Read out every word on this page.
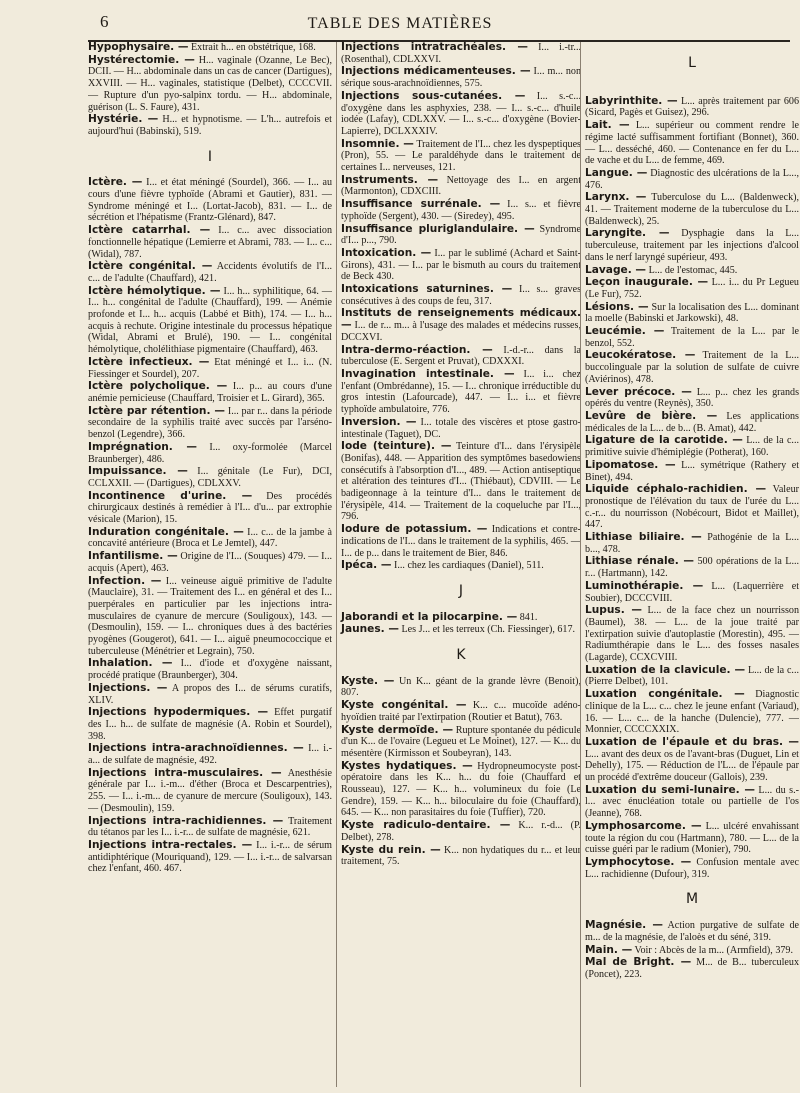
6	TABLE DES MATIÈRES
Hypophysaire. — Extrait h... en obstétrique, 168.
Hystérectomie. — H... vaginale (Ozanne, Le Bec), DCII. — H... abdominale dans un cas de cancer (Dartigues), XXVIII. — H... vaginales, statistique (Delbet), CCCCVII. — Rupture d'un pyo-salpinx tordu. — H... abdominale, guérison (L. S. Faure), 431.
Hystérie. — H... et hypnotisme. — L'h... autrefois et aujourd'hui (Babinski), 519.
I
Ictère. — I... et état méningé (Sourdel), 366. — I... au cours d'une fièvre typhoïde (Abrami et Gautier), 831. — Syndrome méningé et I... (Lortat-Jacob), 831. — I... de sécrétion et l'hépatisme (Frantz-Glénard), 847.
Ictère catarrhal. — I... c... avec dissociation fonctionnelle hépatique (Lemierre et Abrami, 783. — I... c... (Widal), 787.
Ictère congénital. — Accidents évolutifs de l'I... c... de l'adulte (Chauffard), 421.
Ictère hémolytique. — I... h... syphilitique, 64. — I... h... congénital de l'adulte (Chauffard), 199. — Anémie profonde et I... h... acquis (Labbé et Bith), 174. — I... h... acquis à rechute. Origine intestinale du processus hépatique (Widal, Abrami et Brulé), 190. — I... congénital hémolytique, cholélithiase pigmentaire (Chauffard), 463.
Ictère infectieux. — Etat méningé et I... i... (N. Fiessinger et Sourdel), 207.
Ictère polycholique. — I... p... au cours d'une anémie pernicieuse (Chauffard, Troisier et L. Girard), 365.
Ictère par rétention. — I... par r... dans la période secondaire de la syphilis traité avec succès par l'arséno-benzol (Legendre), 366.
Imprégnation. — I... oxy-formolée (Marcel Braunberger), 486.
Impuissance. — I... génitale (Le Fur), DCI, CCLXXII. — (Dartigues), CDLXXV.
Incontinence d'urine. — Des procédés chirurgicaux destinés à remédier à l'I... d'u... par extrophie vésicale (Marion), 15.
Induration congénitale. — I... c... de la jambe à concavité antérieure (Broca et Le Jemtel), 447.
Infantilisme. — Origine de l'I... (Souques) 479. — I... acquis (Apert), 463.
Infection. — I... veineuse aiguë primitive de l'adulte (Mauclaire), 31. — Traitement des I... en général et des I... puerpérales en particulier par les injections intra-musculaires de cyanure de mercure (Souligoux), 143. — (Desmoulin), 159. — I... chroniques dues à des bactéries pyogènes (Gougerot), 641. — I... aiguë pneumococcique et tuberculeuse (Ménétrier et Legrain), 750.
Inhalation. — I... d'iode et d'oxygène naissant, procédé pratique (Braunberger), 304.
Injections. — A propos des I... de sérums curatifs, XLIV.
Injections hypodermiques. — Effet purgatif des I... h... de sulfate de magnésie (A. Robin et Sourdel), 398.
Injections intra-arachnoïdiennes. — I... i.-a... de sulfate de magnésie, 492.
Injections intra-musculaires. — Anesthésie générale par I... i.-m... d'éther (Broca et Descarpentries), 255. — I... i.-m... de cyanure de mercure (Souligoux), 143. — (Desmoulin), 159.
Injections intra-rachidiennes. — Traitement du tétanos par les I... i.-r... de sulfate de magnésie, 621.
Injections intra-rectales. — I... i.-r... de sérum antidiphtérique (Mouriquand), 129. — I... i.-r... de salvarsan chez l'enfant, 460. 467.
Injections intratrachéales. — I... i.-tr... (Rosenthal), CDLXXVI.
Injections médicamenteuses. — I... m... non sérique sous-arachnoïdiennes, 575.
Injections sous-cutanées. — I... s.-c... d'oxygène dans les asphyxies, 238. — I... s.-c... d'huile iodée (Lafay), CDLXXV. — I... s.-c... d'oxygène (Bovier-Lapierre), DCLXXXIV.
Insomnie. — Traitement de l'I... chez les dyspeptiques (Pron), 55. — Le paraldéhyde dans le traitement de certaines I... nerveuses, 121.
Instruments. — Nettoyage des I... en argent (Marmonton), CDXCIII.
Insuffisance surrénale. — I... s... et fièvre typhoïde (Sergent), 430. — (Siredey), 495.
Insuffisance pluriglandulaire. — Syndrome d'I... p..., 790.
Intoxication. — I... par le sublimé (Achard et Saint-Girons), 431. — I... par le bismuth au cours du traitement de Beck 430.
Intoxications saturnines. — I... s... graves consécutives à des coups de feu, 317.
Instituts de renseignements médicaux. — I... de r... m... à l'usage des malades et médecins russes, DCCXVI.
Intra-dermo-réaction. — I.-d.-r... dans la tuberculose (E. Sergent et Pruvat), CDXXXI.
Invagination intestinale. — I... i... chez l'enfant (Ombrédanne), 15. — I... chronique irréductible du gros intestin (Lafourcade), 447. — I... i... et fièvre typhoïde ambulatoire, 776.
Inversion. — I... totale des viscères et ptose gastro-intestinale (Taguet), DC.
Iode (teinture). — Teinture d'I... dans l'érysipèle (Bonifas), 448. — Apparition des symptômes basedowiens consécutifs à l'absorption d'I..., 489. — Action antiseptique et altération des teintures d'I... (Thiébaut), CDVIII. — Le badigeonnage à la teinture d'I... dans le traitement de l'érysipèle, 414. — Traitement de la coqueluche par l'I..., 796.
Iodure de potassium. — Indications et contre-indications de l'I... dans le traitement de la syphilis, 465. — I... de p... dans le traitement de Bier, 846.
Ipéca. — I... chez les cardiaques (Daniel), 511.
J
Jaborandi et la pilocarpine. — 841.
Jaunes. — Les J... et les terreux (Ch. Fiessinger), 617.
K
Kyste. — Un K... géant de la grande lèvre (Benoit), 807.
Kyste congénital. — K... c... mucoïde adéno-hyoïdien traité par l'extirpation (Routier et Batut), 763.
Kyste dermoïde. — Rupture spontanée du pédicule d'un K... de l'ovaire (Legueu et Le Moinet), 127. — K... du mésentère (Kirmisson et Soubeyran), 143.
Kystes hydatiques. — Hydropneumocyste post-opératoire dans les K... h... du foie (Chauffard et Rousseau), 127. — K... h... volumineux du foie (Le Gendre), 159. — K... h... biloculaire du foie (Chauffard), 645. — K... non parasitaires du foie (Tuffier), 720.
Kyste radiculo-dentaire. — K... r.-d... (P. Delbet), 278.
Kyste du rein. — K... non hydatiques du r... et leur traitement, 75.
L
Labyrinthite. — L... après traitement par 606 (Sicard, Pagès et Guisez), 296.
Lait. — L... supérieur ou comment rendre le régime lacté suffisamment fortifiant (Bonnet), 360. — L... desséché, 460. — Contenance en fer du L... de vache et du L... de femme, 469.
Langue. — Diagnostic des ulcérations de la L..., 476.
Larynx. — Tuberculose du L... (Baldenweck), 41. — Traitement moderne de la tuberculose du L... (Baldenweck), 25.
Laryngite. — Dysphagie dans la L... tuberculeuse, traitement par les injections d'alcool dans le nerf laryngé supérieur, 493.
Lavage. — L... de l'estomac, 445.
Leçon inaugurale. — L... i... du Pr Legueu (Le Fur), 752.
Lésions. — Sur la localisation des L... dominant la moelle (Babinski et Jarkowski), 48.
Leucémie. — Traitement de la L... par le benzol, 552.
Leucokératose. — Traitement de la L... buccolinguale par la solution de sulfate de cuivre (Aviérinos), 478.
Lever précoce. — L... p... chez les grands opérés du ventre (Reynès), 350.
Levûre de bière. — Les applications médicales de la L... de b... (B. Amat), 442.
Ligature de la carotide. — L... de la c... primitive suivie d'hémiplégie (Potherat), 160.
Lipomatose. — L... symétrique (Rathery et Binet), 494.
Liquide céphalo-rachidien. — Valeur pronostique de l'élévation du taux de l'urée du L... c.-r... du nourrisson (Nobécourt, Bidot et Maillet), 447.
Lithiase biliaire. — Pathogénie de la L... b..., 478.
Lithiase rénale. — 500 opérations de la L... r... (Hartmann), 142.
Luminothérapie. — L... (Laquerrière et Soubier), DCCCVIII.
Lupus. — L... de la face chez un nourrisson (Baumel), 38. — L... de la joue traité par l'extirpation suivie d'autoplastie (Morestin), 495. — Radiumthérapie dans le L... des fosses nasales (Lagarde), CCXCVIII.
Luxation de la clavicule. — L... de la c... (Pierre Delbet), 101.
Luxation congénitale. — Diagnostic clinique de la L... c... chez le jeune enfant (Variaud), 16. — L... c... de la hanche (Dulencie), 777. — Monnier, CCCCXXIX.
Luxation de l'épaule et du bras. — L... avant des deux os de l'avant-bras (Duguet, Lin et Dehelly), 175. — Réduction de l'L... de l'épaule par un procédé d'extrême douceur (Gallois), 239.
Luxation du semi-lunaire. — L... du s.-l... avec énucléation totale ou partielle de l'os (Jeanne), 768.
Lymphosarcome. — L... ulcéré envahissant toute la région du cou (Hartmann), 780. — L... de la cuisse guéri par le radium (Monier), 790.
Lymphocytose. — Confusion mentale avec L... rachidienne (Dufour), 319.
M
Magnésie. — Action purgative de sulfate de m... de la magnésie, de l'aloès et du séné, 319.
Main. — Voir : Abcès de la m... (Armfield), 379.
Mal de Bright. — M... de B... tuberculeux (Poncet), 223.
